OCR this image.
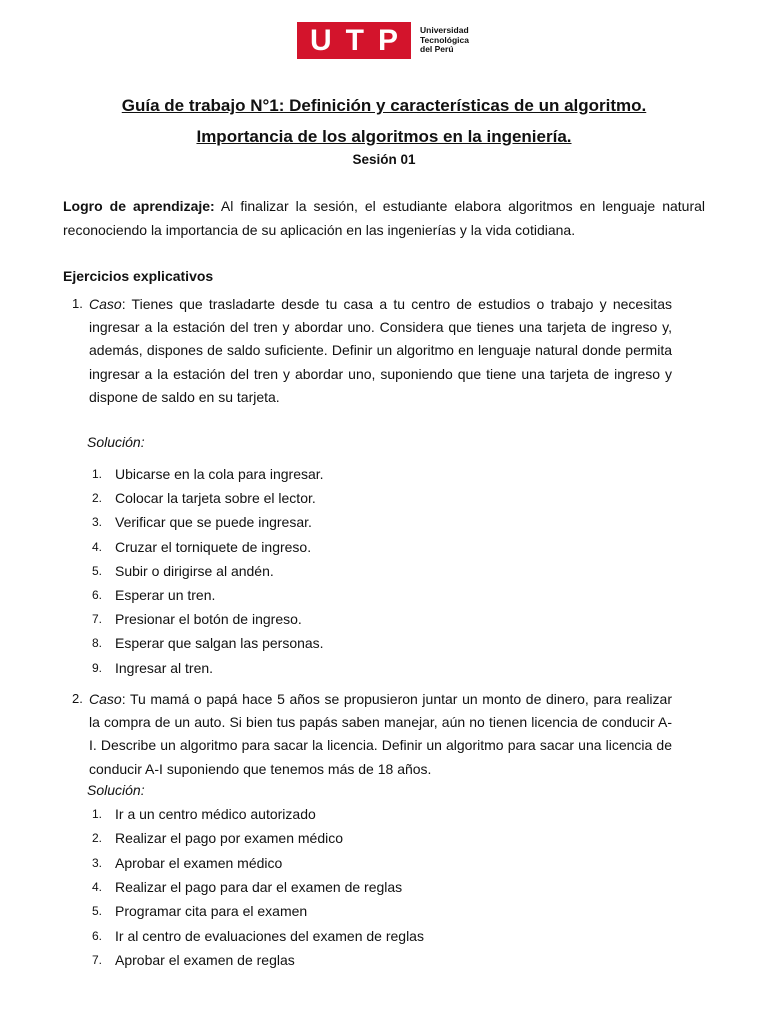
U T P	Universidad
Tecnológica
del Perú
Guía de trabajo N°1: Definición y características de un algoritmo.
Importancia de los algoritmos en la ingeniería.
Sesión 01
Logro de aprendizaje: Al finalizar la sesión, el estudiante elabora algoritmos en lenguaje natural reconociendo la importancia de su aplicación en las ingenierías y la vida cotidiana.
Ejercicios explicativos
1. Caso: Tienes que trasladarte desde tu casa a tu centro de estudios o trabajo y necesitas ingresar a la estación del tren y abordar uno. Considera que tienes una tarjeta de ingreso y, además, dispones de saldo suficiente. Definir un algoritmo en lenguaje natural donde permita ingresar a la estación del tren y abordar uno, suponiendo que tiene una tarjeta de ingreso y dispone de saldo en su tarjeta.
Solución:
1. Ubicarse en la cola para ingresar.
2. Colocar la tarjeta sobre el lector.
3. Verificar que se puede ingresar.
4. Cruzar el torniquete de ingreso.
5. Subir o dirigirse al andén.
6. Esperar un tren.
7. Presionar el botón de ingreso.
8. Esperar que salgan las personas.
9. Ingresar al tren.
2. Caso: Tu mamá o papá hace 5 años se propusieron juntar un monto de dinero, para realizar la compra de un auto. Si bien tus papás saben manejar, aún no tienen licencia de conducir A-I. Describe un algoritmo para sacar la licencia. Definir un algoritmo para sacar una licencia de conducir A-I suponiendo que tenemos más de 18 años.
Solución:
1. Ir a un centro médico autorizado
2. Realizar el pago por examen médico
3. Aprobar el examen médico
4. Realizar el pago para dar el examen de reglas
5. Programar cita para el examen
6. Ir al centro de evaluaciones del examen de reglas
7. Aprobar el examen de reglas
